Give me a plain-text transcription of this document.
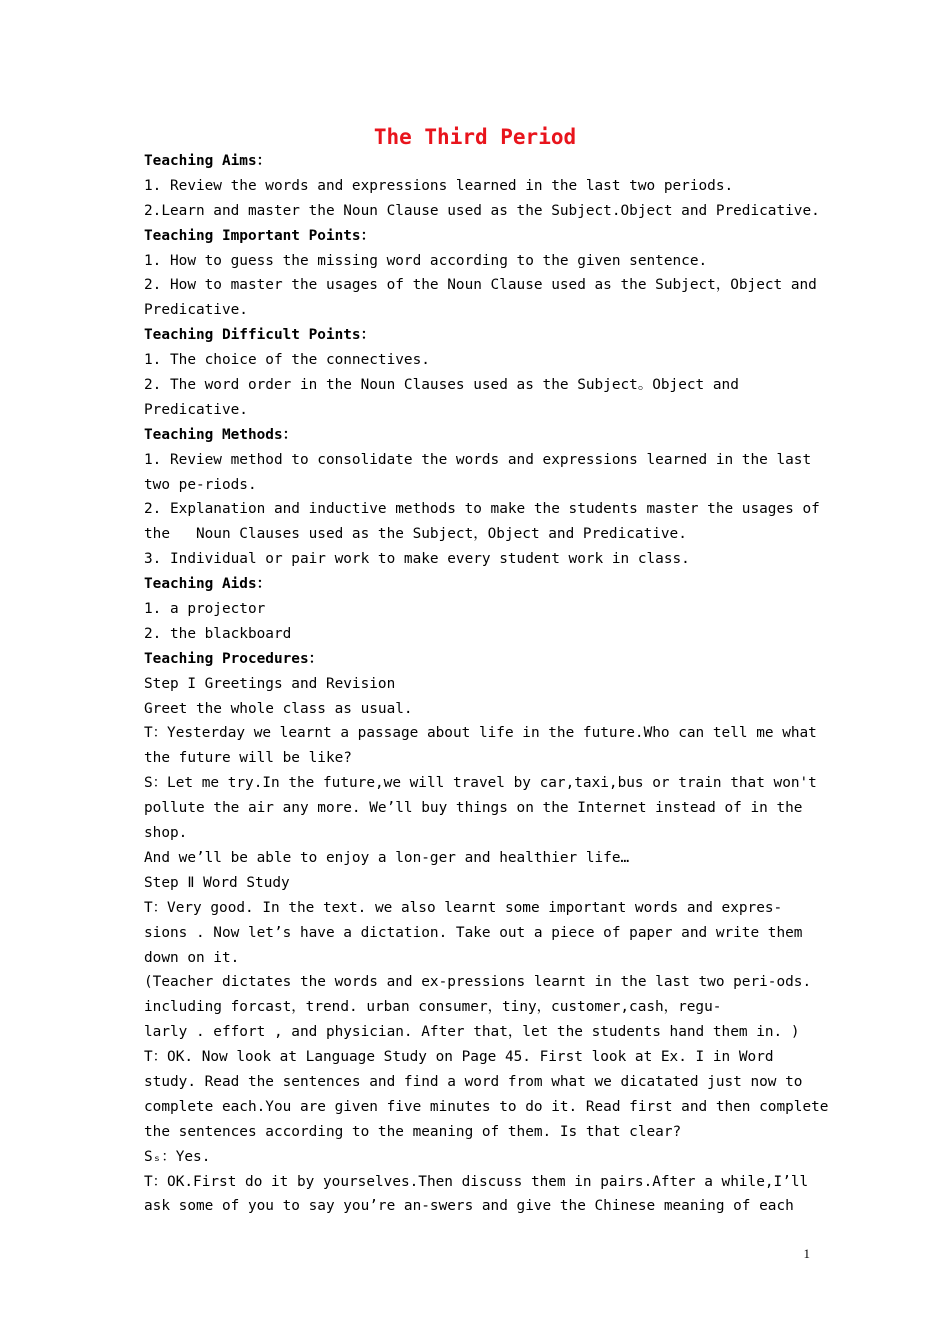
The Third Period
Teaching Aims：
1. Review the words and expressions learned in the last two periods.
2.Learn and master the Noun Clause used as the Subject.Object and Predicative.
Teaching Important Points：
1. How to guess the missing word according to the given sentence.
2. How to master the usages of the Noun Clause used as the Subject，Object and
Predicative.
Teaching Difficult Points：
1. The choice of the connectives.
2. The word order in the Noun Clauses used as the Subject。Object and
Predicative.
Teaching Methods：
1. Review method to consolidate the words and expressions learned in the last
two pe-riods.
2. Explanation and inductive methods to make the students master the usages of
the   Noun Clauses used as the Subject，Object and Predicative.
3. Individual or pair work to make every student work in class.
Teaching Aids：
1. a projector
2. the blackboard
Teaching Procedures：
Step I Greetings and Revision
Greet the whole class as usual.
T：Yesterday we learnt a passage about life in the future.Who can tell me what
the future will be like?
S：Let me try.In the future,we will travel by car,taxi,bus or train that won't
pollute the air any more. We’ll buy things on the Internet instead of in the
shop.
And we’ll be able to enjoy a lon-ger and healthier life…
Step Ⅱ Word Study
T：Very good. In the text. we also learnt some important words and expres-
sions . Now let’s have a dictation. Take out a piece of paper and write them
down on it.
(Teacher dictates the words and ex-pressions learnt in the last two peri-ods.
including forcast，trend. urban consumer，tiny，customer,cash，regu-
larly . effort , and physician. After that，let the students hand them in. )
T：OK. Now look at Language Study on Page 45. First look at Ex. I in Word
study. Read the sentences and find a word from what we dicatated just now to
complete each.You are given five minutes to do it. Read first and then complete
the sentences according to the meaning of them. Is that clear?
Sₛ：Yes.
T：OK.First do it by yourselves.Then discuss them in pairs.After a while,I’ll
ask some of you to say you’re an-swers and give the Chinese meaning of each
1
